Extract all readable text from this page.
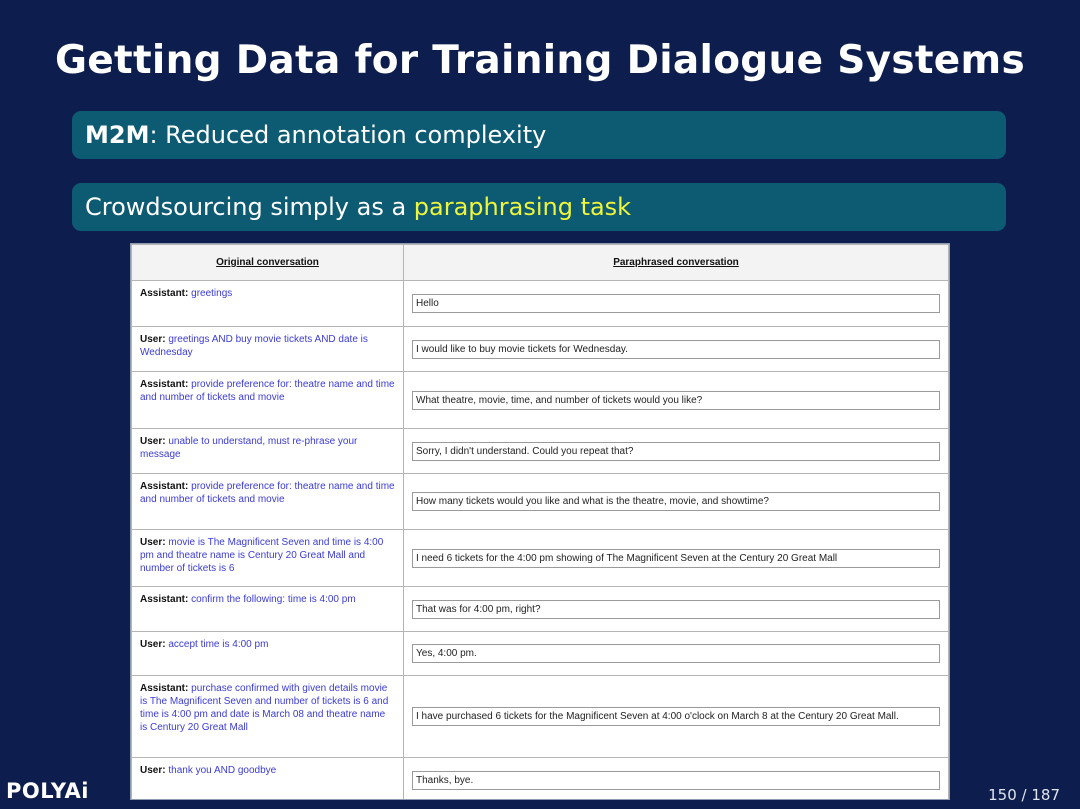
Getting Data for Training Dialogue Systems
M2M: Reduced annotation complexity
Crowdsourcing simply as a paraphrasing task
Original conversation	Paraphrased conversation
Assistant: greetings	Hello

User: greetings AND buy movie tickets AND date is Wednesday	I would like to buy movie tickets for Wednesday.

Assistant: provide preference for: theatre name and time and number of tickets and movie	What theatre, movie, time, and number of tickets would you like?

User: unable to understand, must re-phrase your message	Sorry, I didn't understand. Could you repeat that?

Assistant: provide preference for: theatre name and time and number of tickets and movie	How many tickets would you like and what is the theatre, movie, and showtime?

User: movie is The Magnificent Seven and time is 4:00 pm and theatre name is Century 20 Great Mall and number of tickets is 6	I need 6 tickets for the 4:00 pm showing of The Magnificent Seven at the Century 20 Great Mall

Assistant: confirm the following: time is 4:00 pm	That was for 4:00 pm, right?

User: accept time is 4:00 pm	Yes, 4:00 pm.

Assistant: purchase confirmed with given details movie is The Magnificent Seven and number of tickets is 6 and time is 4:00 pm and date is March 08 and theatre name is Century 20 Great Mall	I have purchased 6 tickets for the Magnificent Seven at 4:00 o'clock on March 8 at the Century 20 Great Mall.

User: thank you AND goodbye	Thanks, bye.
POLYAi	150 / 187
